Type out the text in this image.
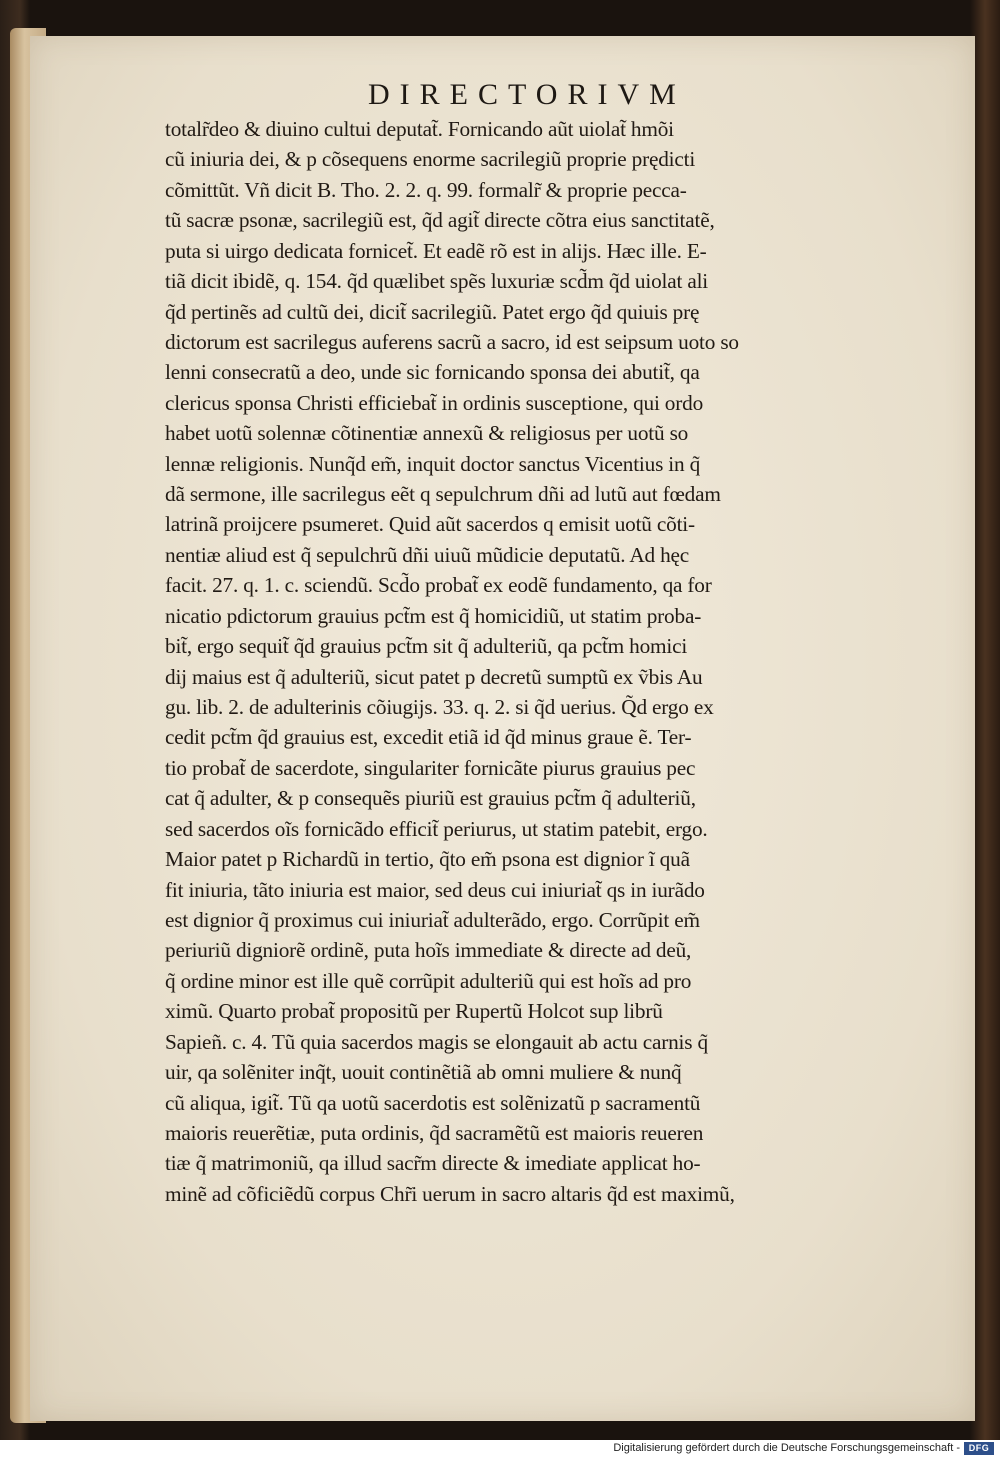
DIRECTORIVM
totalr̃deo & diuino cultui deputat̃. Fornicando aũt uiolat̃ hmõi
cũ iniuria dei, & p cõsequens enorme sacrilegiũ proprie prędicti
cõmittũt. Vñ dicit B. Tho. 2. 2. q. 99. formalr̃ & proprie pecca-
tũ sacræ psonæ, sacrilegiũ est, q̃d agit̃ directe cõtra eius sanctitatẽ,
puta si uirgo dedicata fornicet̃. Et eadẽ rõ est in alijs. Hæc ille. E-
tiã dicit ibidẽ, q. 154. q̃d quælibet spẽs luxuriæ scd̃m q̃d uiolat ali
q̃d pertinẽs ad cultũ dei, dicit̃ sacrilegiũ. Patet ergo q̃d quiuis prę
dictorum est sacrilegus auferens sacrũ a sacro, id est seipsum uoto so
lenni consecratũ a deo, unde sic fornicando sponsa dei abutit̃, qa
clericus sponsa Christi efficiebat̃ in ordinis susceptione, qui ordo
habet uotũ solennæ cõtinentiæ annexũ & religiosus per uotũ so
lennæ religionis. Nunq̃d em̃, inquit doctor sanctus Vicentius in q̃
dã sermone, ille sacrilegus eẽt q sepulchrum dñi ad lutũ aut fœdam
latrinã proijcere psumeret. Quid aũt sacerdos q emisit uotũ cõti-
nentiæ aliud est q̃ sepulchrũ dñi uiuũ mũdicie deputatũ. Ad hęc
facit. 27. q. 1. c. sciendũ. Scd̃o probat̃ ex eodẽ fundamento, qa for
nicatio pdictorum grauius pct̃m est q̃ homicidiũ, ut statim proba-
bit̃, ergo sequit̃ q̃d grauius pct̃m sit q̃ adulteriũ, qa pct̃m homici
dij maius est q̃ adulteriũ, sicut patet p decretũ sumptũ ex ṽbis Au
gu. lib. 2. de adulterinis cõiugijs. 33. q. 2. si q̃d uerius. Q̃d ergo ex
cedit pct̃m q̃d grauius est, excedit etiã id q̃d minus graue ẽ. Ter-
tio probat̃ de sacerdote, singulariter fornicãte piurus grauius pec
cat q̃ adulter, & p consequẽs piuriũ est grauius pct̃m q̃ adulteriũ,
sed sacerdos oĩs fornicãdo efficit̃ periurus, ut statim patebit, ergo.
Maior patet p Richardũ in tertio, q̃to em̃ psona est dignior ĩ quã
fit iniuria, tãto iniuria est maior, sed deus cui iniuriat̃ qs in iurãdo
est dignior q̃ proximus cui iniuriat̃ adulterãdo, ergo. Corrũpit em̃
periuriũ digniorẽ ordinẽ, puta hoĩs immediate & directe ad deũ,
q̃ ordine minor est ille quẽ corrũpit adulteriũ qui est hoĩs ad pro
ximũ. Quarto probat̃ propositũ per Rupertũ Holcot sup librũ
Sapieñ. c. 4. Tũ quia sacerdos magis se elongauit ab actu carnis q̃
uir, qa solẽniter inq̃t, uouit continẽtiã ab omni muliere & nunq̃
cũ aliqua, igit̃. Tũ qa uotũ sacerdotis est solẽnizatũ p sacramentũ
maioris reuerẽtiæ, puta ordinis, q̃d sacramẽtũ est maioris reueren
tiæ q̃ matrimoniũ, qa illud sacr̃m directe & imediate applicat ho-
minẽ ad cõficiẽdũ corpus Chr̃i uerum in sacro altaris q̃d est maximũ,
Digitalisierung gefördert durch die Deutsche Forschungsgemeinschaft - DFG
